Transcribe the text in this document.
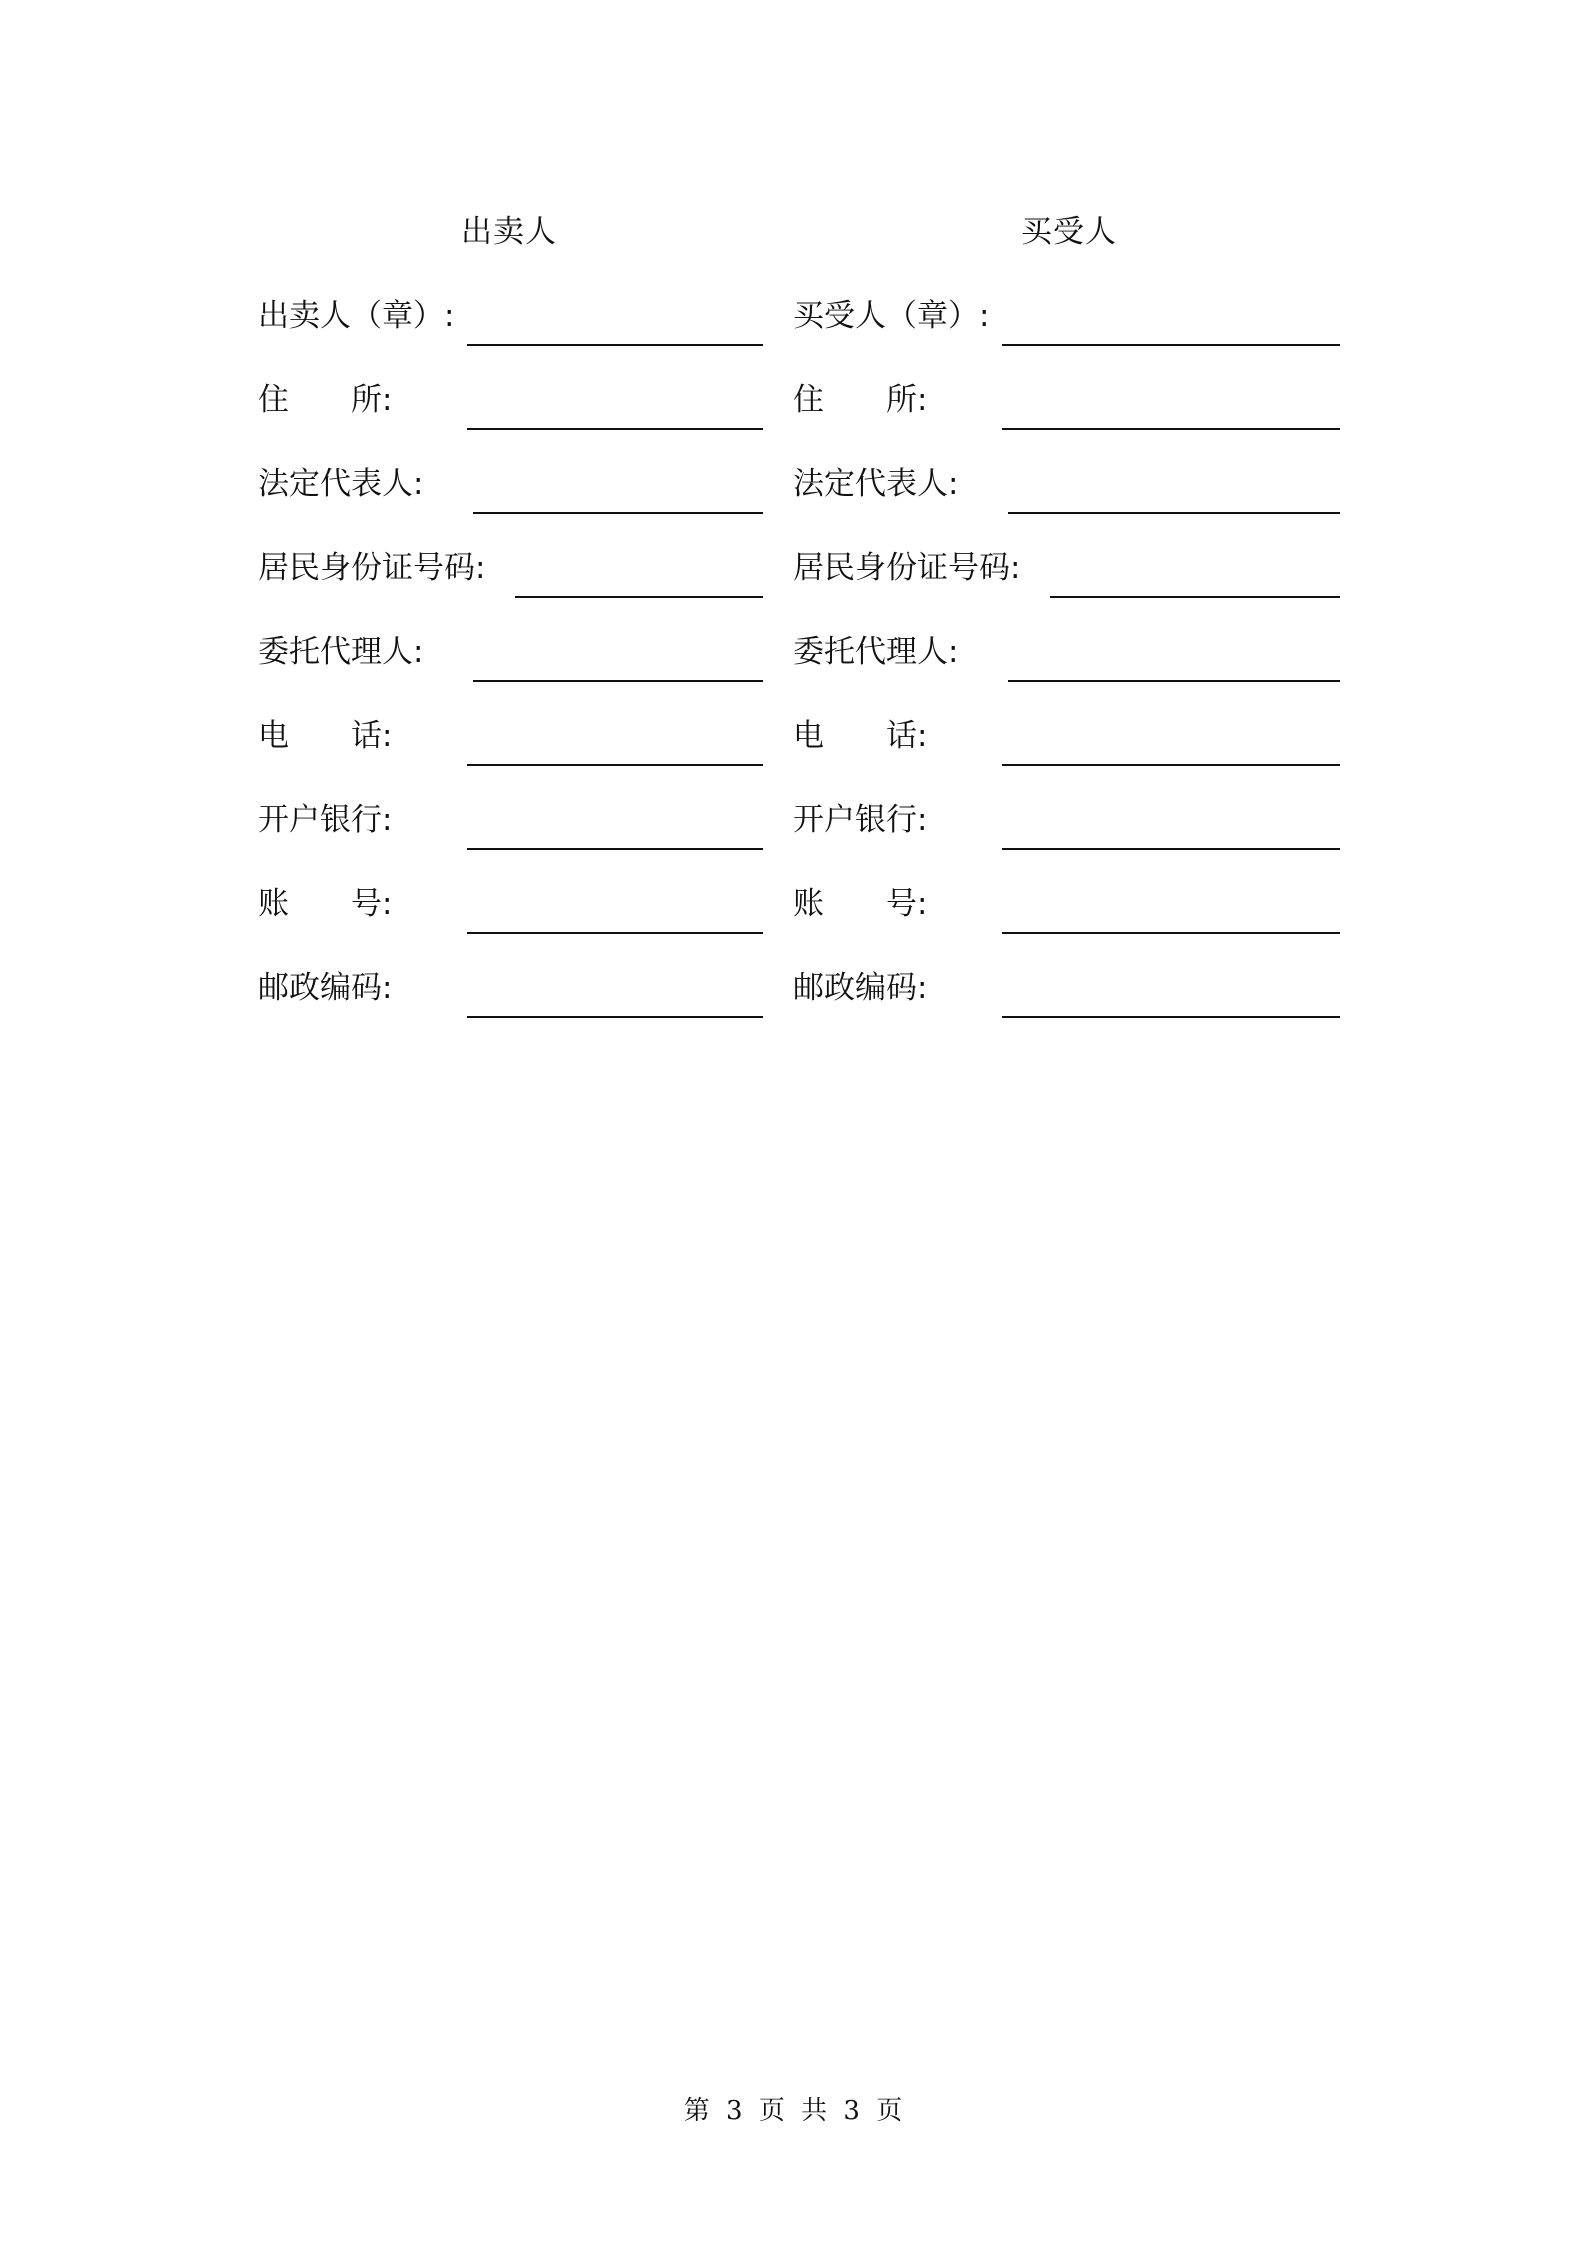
出卖人	买受人
出卖人（章）:
住　　所:
法定代表人:
居民身份证号码:
委托代理人:
电　　话:
开户银行:
账　　号:
邮政编码:
买受人（章）:
住　　所:
法定代表人:
居民身份证号码:
委托代理人:
电　　话:
开户银行:
账　　号:
邮政编码:
第 3 页 共 3 页
